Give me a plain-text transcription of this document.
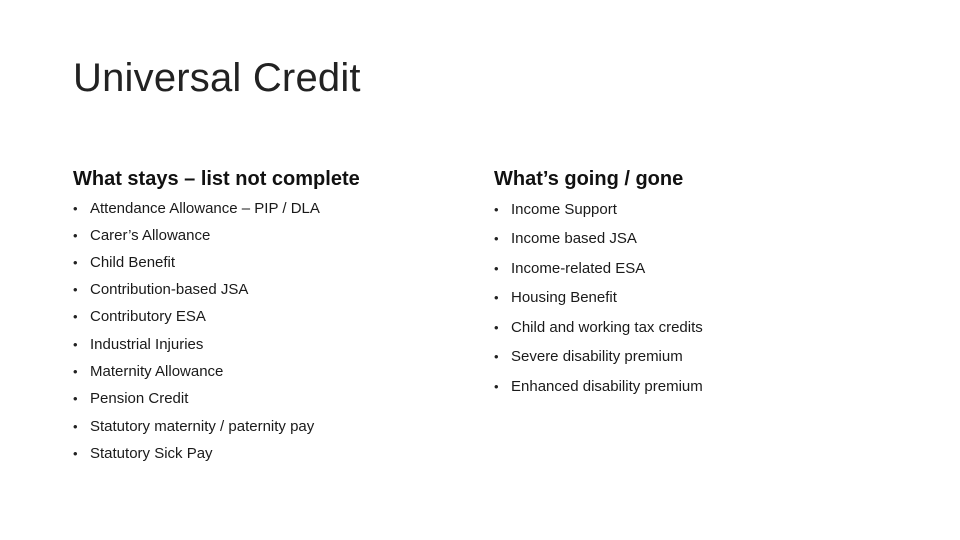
Universal Credit
What stays – list not complete
• Attendance Allowance – PIP / DLA
• Carer’s Allowance
• Child Benefit
• Contribution-based JSA
• Contributory ESA
• Industrial Injuries
• Maternity Allowance
• Pension Credit
• Statutory maternity / paternity pay
• Statutory Sick Pay
What’s going / gone
• Income Support
• Income based JSA
• Income-related ESA
• Housing Benefit
• Child and working tax credits
• Severe disability premium
• Enhanced disability premium
